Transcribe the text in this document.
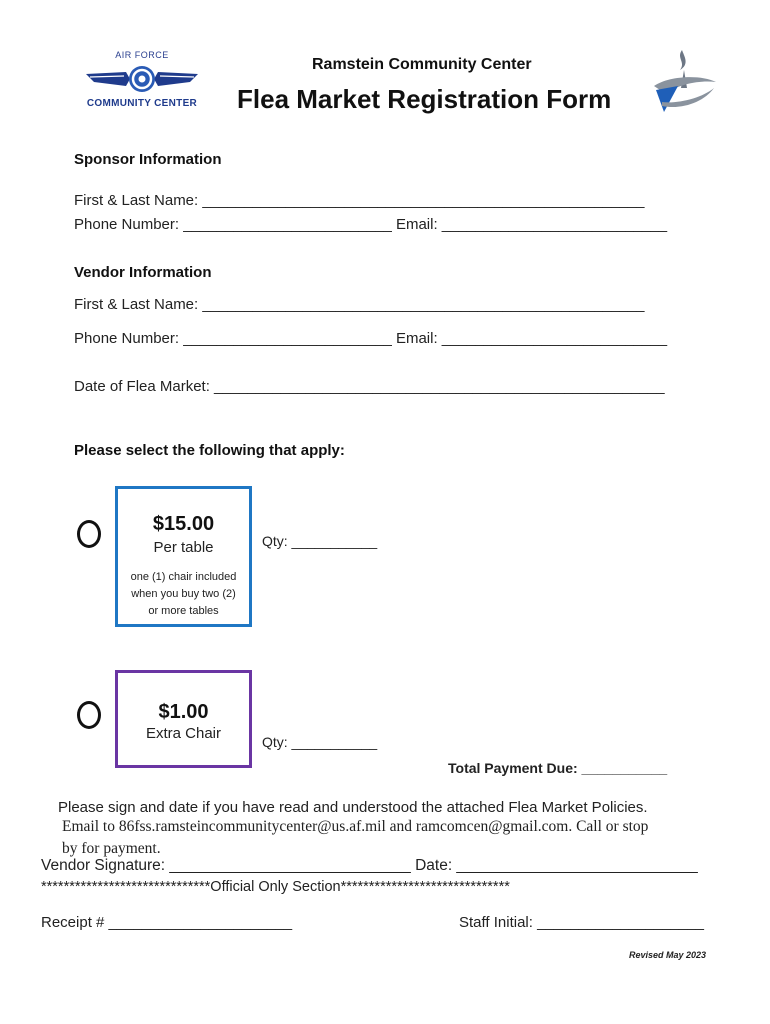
AIR FORCE
COMMUNITY CENTER
Ramstein Community Center
Flea Market Registration Form
Sponsor Information
First & Last Name: _____________________________________________________
Phone Number: _________________________ Email: ___________________________
Vendor Information
First & Last Name: _____________________________________________________
Phone Number: _________________________ Email: ___________________________
Date of Flea Market: ______________________________________________________
Please select the following that apply:
$15.00
Per table
one (1) chair included
when you buy two (2)
or more tables
Qty: ___________
$1.00
Extra Chair	Qty: ___________
Total Payment Due: ___________
Please sign and date if you have read and understood the attached Flea Market Policies.
Email to 86fss.ramsteincommunitycenter@us.af.mil and ramcomcen@gmail.com. Call or stop
by for payment.
Vendor Signature: ____________________________ Date: ____________________________
******************************Official Only Section******************************
Receipt # ______________________	Staff Initial: ____________________
Revised May 2023
